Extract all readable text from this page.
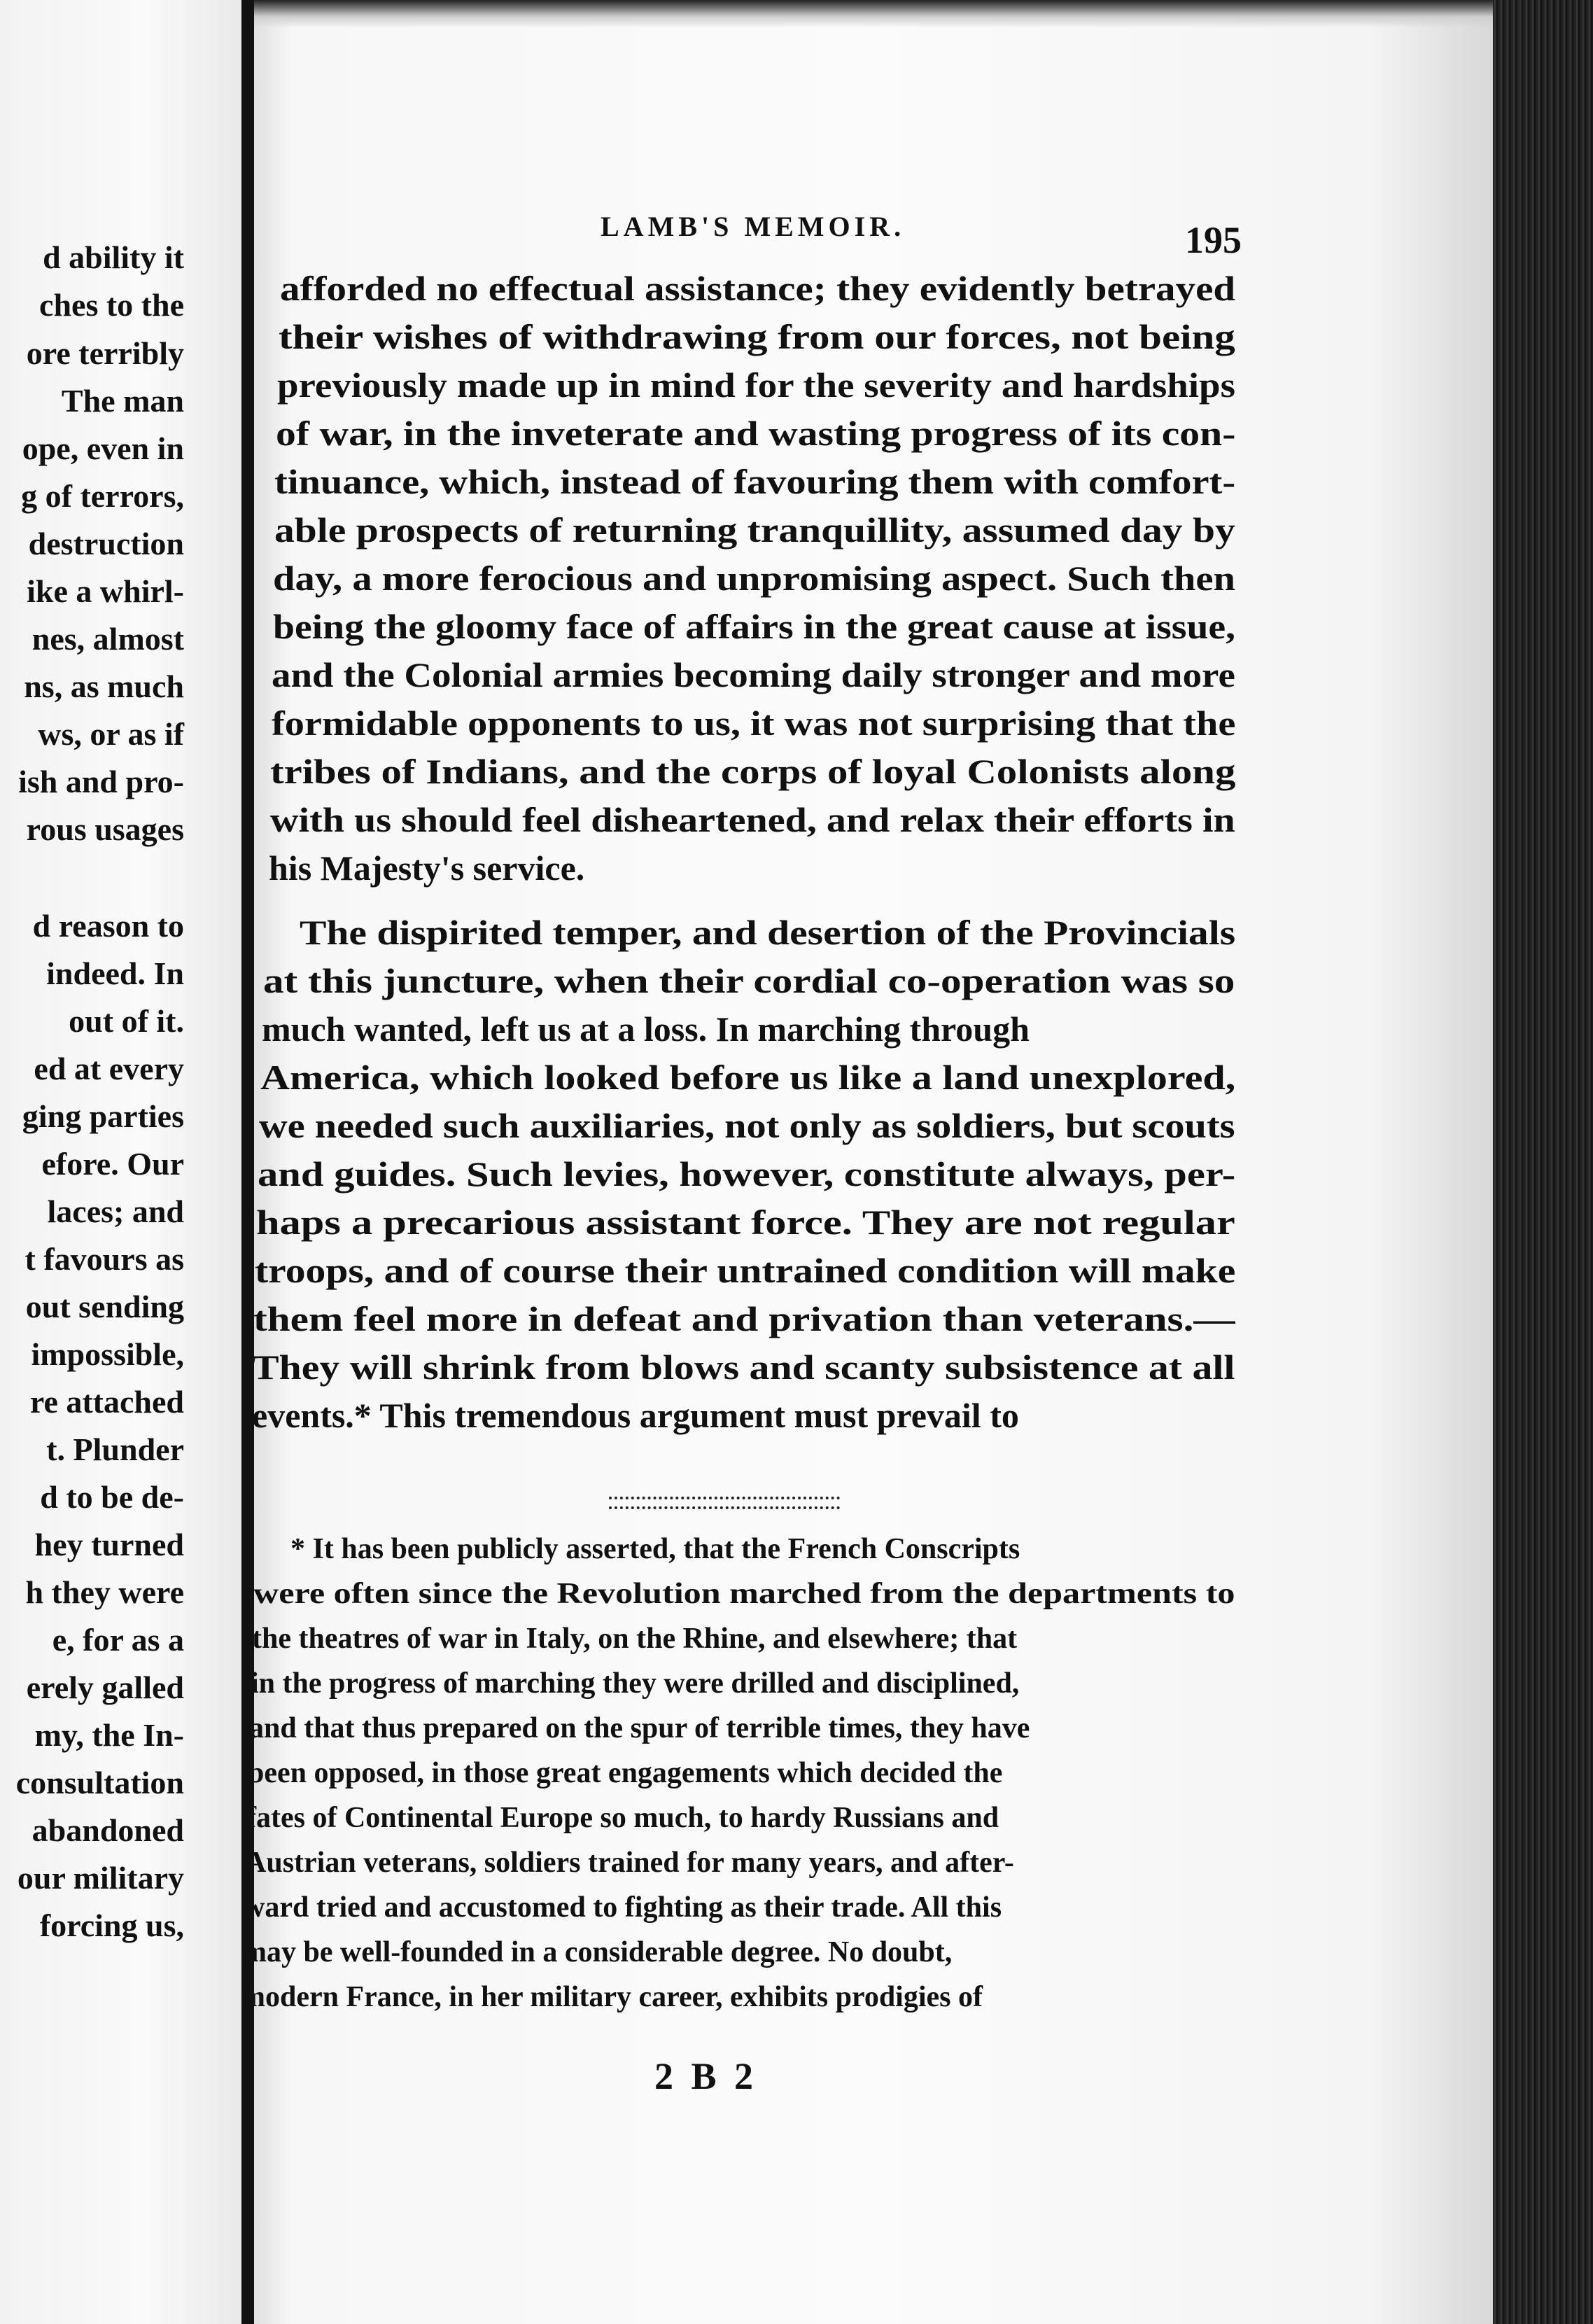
d ability it
ches to the
ore terribly
The man
ope, even in
g of terrors,
destruction
ike a whirl-
nes, almost
ns, as much
ws, or as if
ish and pro-
rous usages
d reason to
indeed. In
out of it.
ed at every
ging parties
efore. Our
laces; and
t favours as
out sending
impossible,
re attached
t. Plunder
d to be de-
hey turned
h they were
e, for as a
erely galled
my, the In-
consultation
abandoned
our military
forcing us,
LAMB'S MEMOIR.	195
afforded no effectual assistance; they evidently betrayed
their wishes of withdrawing from our forces, not being
previously made up in mind for the severity and hardships
of war, in the inveterate and wasting progress of its con-
tinuance, which, instead of favouring them with comfort-
able prospects of returning tranquillity, assumed day by
day, a more ferocious and unpromising aspect. Such then
being the gloomy face of affairs in the great cause at issue,
and the Colonial armies becoming daily stronger and more
formidable opponents to us, it was not surprising that the
tribes of Indians, and the corps of loyal Colonists along
with us should feel disheartened, and relax their efforts in
his Majesty's service.
The dispirited temper, and desertion of the Provincials
at this juncture, when their cordial co-operation was so
much wanted, left us at a loss. In marching through
America, which looked before us like a land unexplored,
we needed such auxiliaries, not only as soldiers, but scouts
and guides. Such levies, however, constitute always, per-
haps a precarious assistant force. They are not regular
troops, and of course their untrained condition will make
them feel more in defeat and privation than veterans.—
They will shrink from blows and scanty subsistence at all
events.* This tremendous argument must prevail to
* It has been publicly asserted, that the French Conscripts
were often since the Revolution marched from the departments to
the theatres of war in Italy, on the Rhine, and elsewhere; that
in the progress of marching they were drilled and disciplined,
and that thus prepared on the spur of terrible times, they have
been opposed, in those great engagements which decided the
fates of Continental Europe so much, to hardy Russians and
Austrian veterans, soldiers trained for many years, and after-
ward tried and accustomed to fighting as their trade. All this
may be well-founded in a considerable degree. No doubt,
modern France, in her military career, exhibits prodigies of
2 B 2
